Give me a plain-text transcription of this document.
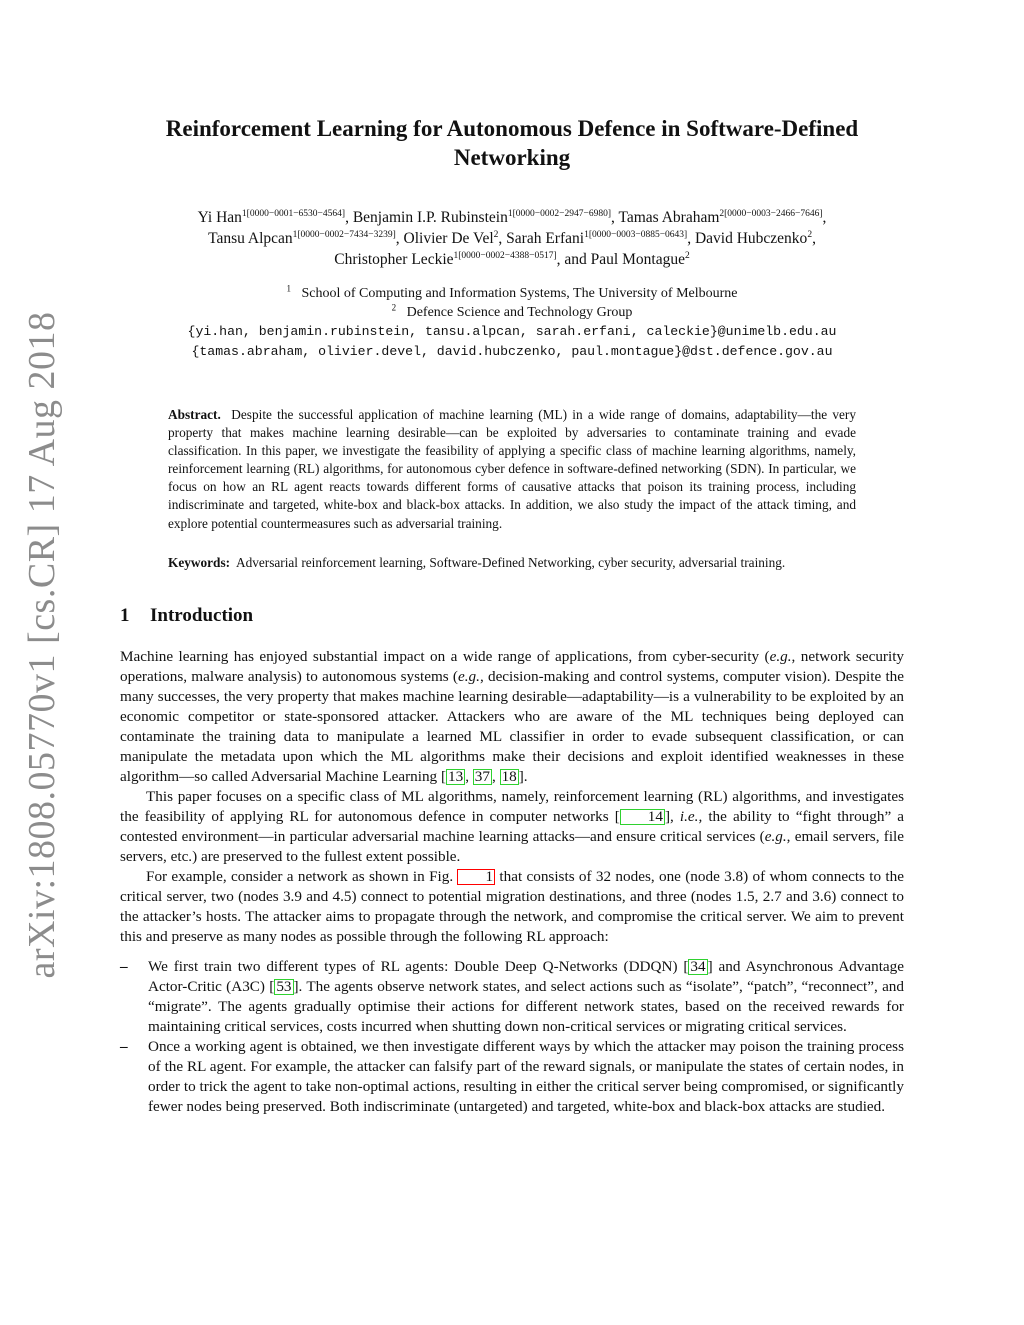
arXiv:1808.05770v1 [cs.CR] 17 Aug 2018
Reinforcement Learning for Autonomous Defence in Software-Defined Networking
Yi Han$^{1[0000-0001-6530-4564]}$, Benjamin I.P. Rubinstein$^{1[0000-0002-2947-6980]}$, Tamas Abraham$^{2[0000-0003-2466-7646]}$,
Tansu Alpcan$^{1[0000-0002-7434-3239]}$, Olivier De Vel$^2$, Sarah Erfani$^{1[0000-0003-0885-0643]}$, David Hubczenko$^2$,
Christopher Leckie$^{1[0000-0002-4388-0517]}$, and Paul Montague$^2$
$^1$ School of Computing and Information Systems, The University of Melbourne
$^2$ Defence Science and Technology Group
{yi.han, benjamin.rubinstein, tansu.alpcan, sarah.erfani, caleckie}@unimelb.edu.au
{tamas.abraham, olivier.devel, david.hubczenko, paul.montague}@dst.defence.gov.au
Abstract. Despite the successful application of machine learning (ML) in a wide range of domains, adaptability—the very property that makes machine learning desirable—can be exploited by adversaries to contaminate training and evade classification. In this paper, we investigate the feasibility of applying a specific class of machine learning algorithms, namely, reinforcement learning (RL) algorithms, for autonomous cyber defence in software-defined networking (SDN). In particular, we focus on how an RL agent reacts towards different forms of causative attacks that poison its training process, including indiscriminate and targeted, white-box and black-box attacks. In addition, we also study the impact of the attack timing, and explore potential countermeasures such as adversarial training.
Keywords: Adversarial reinforcement learning, Software-Defined Networking, cyber security, adversarial training.
1 Introduction

Machine learning has enjoyed substantial impact on a wide range of applications, from cyber-security (e.g., network security operations, malware analysis) to autonomous systems (e.g., decision-making and control systems, computer vision). Despite the many successes, the very property that makes machine learning desirable—adaptability—is a vulnerability to be exploited by an economic competitor or state-sponsored attacker. Attackers who are aware of the ML techniques being deployed can contaminate the training data to manipulate a learned ML classifier in order to evade subsequent classification, or can manipulate the metadata upon which the ML algorithms make their decisions and exploit identified weaknesses in these algorithm—so called Adversarial Machine Learning [ 13 , 37 , 18 ].

This paper focuses on a specific class of ML algorithms, namely, reinforcement learning (RL) algorithms, and investigates the feasibility of applying RL for autonomous defence in computer networks [ 14 ], i.e., the ability to “fight through” a contested environment—in particular adversarial machine learning attacks—and ensure critical services (e.g., email servers, file servers, etc.) are preserved to the fullest extent possible.

For example, consider a network as shown in Fig. 1 that consists of 32 nodes, one (node 3.8) of whom connects to the critical server, two (nodes 3.9 and 4.5) connect to potential migration destinations, and three (nodes 1.5, 2.7 and 3.6) connect to the attacker’s hosts. The attacker aims to propagate through the network, and compromise the critical server. We aim to prevent this and preserve as many nodes as possible through the following RL approach:

– We first train two different types of RL agents: Double Deep Q-Networks (DDQN) [ 34 ] and Asynchronous Advantage Actor-Critic (A3C) [ 53 ]. The agents observe network states, and select actions such as “isolate”, “patch”, “reconnect”, and “migrate”. The agents gradually optimise their actions for different network states, based on the received rewards for maintaining critical services, costs incurred when shutting down non-critical services or migrating critical services.
– Once a working agent is obtained, we then investigate different ways by which the attacker may poison the training process of the RL agent. For example, the attacker can falsify part of the reward signals, or manipulate the states of certain nodes, in order to trick the agent to take non-optimal actions, resulting in either the critical server being compromised, or significantly fewer nodes being preserved. Both indiscriminate (untargeted) and targeted, white-box and black-box attacks are studied.
